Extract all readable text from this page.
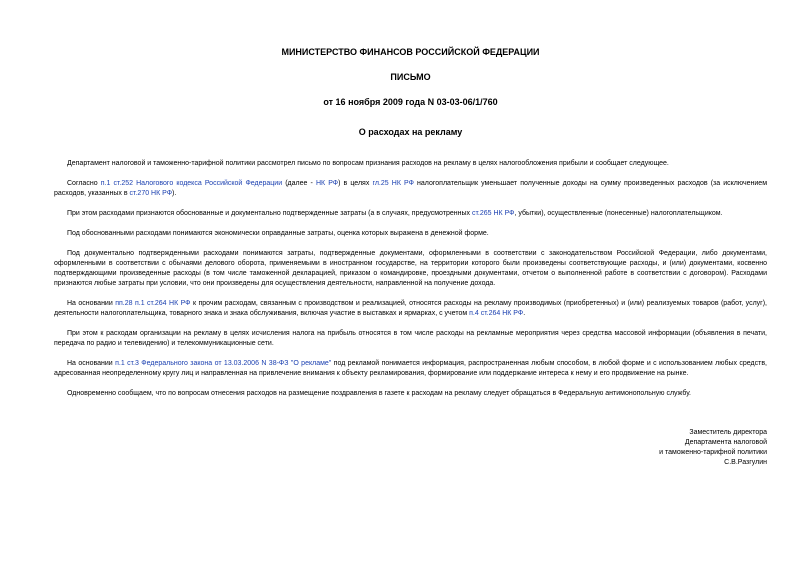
МИНИСТЕРСТВО ФИНАНСОВ РОССИЙСКОЙ ФЕДЕРАЦИИ

ПИСЬМО

от 16 ноября 2009 года N 03-03-06/1/760

О расходах на рекламу

Департамент налоговой и таможенно-тарифной политики рассмотрел письмо по вопросам признания расходов на рекламу в целях налогообложения прибыли и сообщает следующее.

Согласно п.1 ст.252 Налогового кодекса Российской Федерации (далее - НК РФ) в целях гл.25 НК РФ налогоплательщик уменьшает полученные доходы на сумму произведенных расходов (за исключением расходов, указанных в ст.270 НК РФ).

При этом расходами признаются обоснованные и документально подтвержденные затраты (а в случаях, предусмотренных ст.265 НК РФ, убытки), осуществленные (понесенные) налогоплательщиком.

Под обоснованными расходами понимаются экономически оправданные затраты, оценка которых выражена в денежной форме.

Под документально подтвержденными расходами понимаются затраты, подтвержденные документами, оформленными в соответствии с законодательством Российской Федерации, либо документами, оформленными в соответствии с обычаями делового оборота, применяемыми в иностранном государстве, на территории которого были произведены соответствующие расходы, и (или) документами, косвенно подтверждающими произведенные расходы (в том числе таможенной декларацией, приказом о командировке, проездными документами, отчетом о выполненной работе в соответствии с договором). Расходами признаются любые затраты при условии, что они произведены для осуществления деятельности, направленной на получение дохода.

На основании пп.28 п.1 ст.264 НК РФ к прочим расходам, связанным с производством и реализацией, относятся расходы на рекламу производимых (приобретенных) и (или) реализуемых товаров (работ, услуг), деятельности налогоплательщика, товарного знака и знака обслуживания, включая участие в выставках и ярмарках, с учетом п.4 ст.264 НК РФ.

При этом к расходам организации на рекламу в целях исчисления налога на прибыль относятся в том числе расходы на рекламные мероприятия через средства массовой информации (объявления в печати, передача по радио и телевидению) и телекоммуникационные сети.

На основании п.1 ст.3 Федерального закона от 13.03.2006 N 38-ФЗ "О рекламе" под рекламой понимается информация, распространенная любым способом, в любой форме и с использованием любых средств, адресованная неопределенному кругу лиц и направленная на привлечение внимания к объекту рекламирования, формирование или поддержание интереса к нему и его продвижение на рынке.

Одновременно сообщаем, что по вопросам отнесения расходов на размещение поздравления в газете к расходам на рекламу следует обращаться в Федеральную антимонопольную службу.

Заместитель директора
Департамента налоговой
и таможенно-тарифной политики
С.В.Разгулин
